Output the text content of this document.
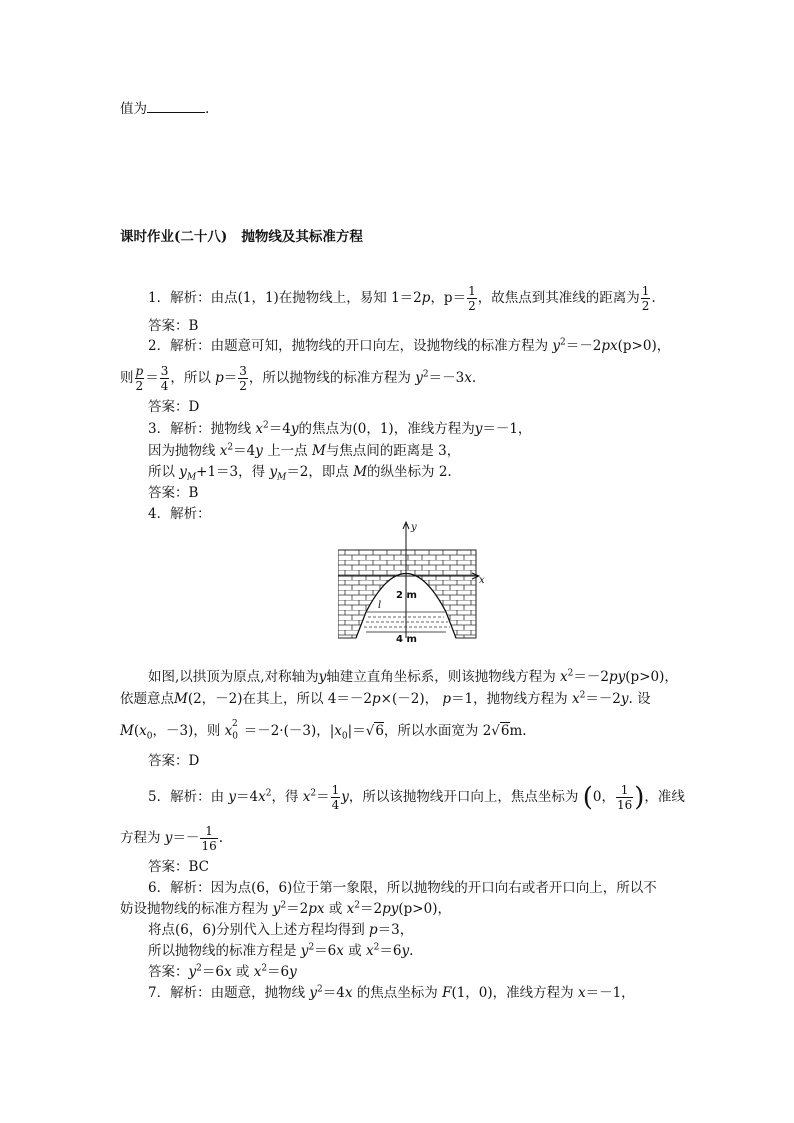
值为	.
课时作业(二十八) 抛物线及其标准方程
1．解析：由点(1，1)在抛物线上，易知 1＝2p，$p= \frac{1}{2}$ ，故焦点到其准线的距离为 $\frac{1}{2}$ .
答案：B
2．解析：由题意可知，抛物线的开口向左，设抛物线的标准方程为 $y^2=-2px(p>0)$，
则 $\frac{p}{2} = \frac{3}{4}$ ，所以 $p= \frac{3}{2}$ ，所以抛物线的标准方程为 $y^2=-3x$.
答案：D
3．解析：抛物线 $x^2=4y$的焦点为(0，1)，准线方程为y＝－1，
因为抛物线 $x^2=4y$ 上一点 M与焦点间的距离是 3，
所以 $y_M+1=3$，得 $y_M=2$，即点 M的纵坐标为 2.
答案：B
4．解析：
y
x
2 m
l
4 m
如图,以拱顶为原点,对称轴为y轴建立直角坐标系，则该抛物线方程为 $x^2=-2py(p>0)$，
依题意点M(2，－2)在其上，所以 4＝－2p×(－2)， p＝1，抛物线方程为 $x^2=-2y$. 设
$M(x_0$，－3)，则 $x_0^2 =-2\cdot(-3)$，$|x_0|=√6$，所以水面宽为 2√6m.
答案：D
5．解析：由 $y=4x^2$，得 $x^2= \frac{1}{4}$ y，所以该抛物线开口向上，焦点坐标为 (0， $\frac{1}{16}$ )，准线
方程为 $y=- \frac{1}{16}$ .
答案：BC
6．解析：因为点(6，6)位于第一象限，所以抛物线的开口向右或者开口向上，所以不
妨设抛物线的标准方程为 $y^2=2px$ 或 $x^2=2py(p>0)$，
将点(6，6)分别代入上述方程均得到 p＝3，
所以抛物线的标准方程是 $y^2=6x$ 或 $x^2=6y$.
答案：$y^2=6x$ 或 $x^2=6y$
7．解析：由题意，抛物线 $y^2=4x$ 的焦点坐标为 F(1，0)，准线方程为 x＝－1，
